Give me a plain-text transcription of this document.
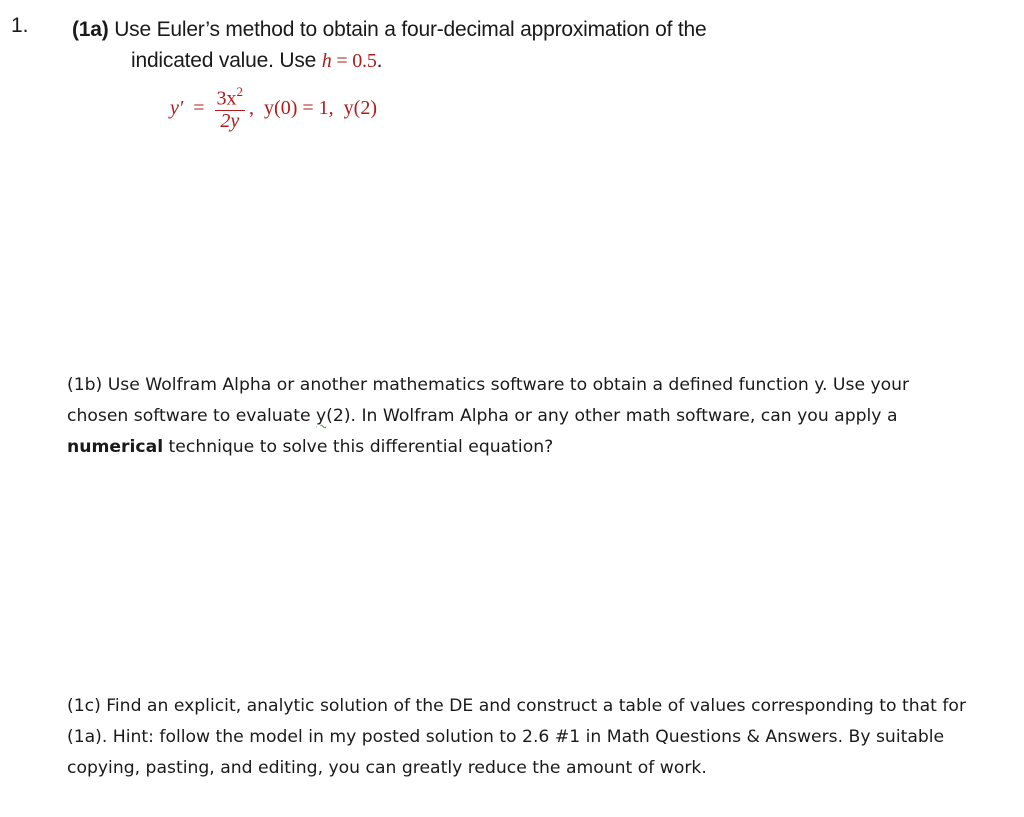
1. (1a) Use Euler’s method to obtain a four-decimal approximation of the
indicated value. Use h = 0.5.
$y' = \frac{3x^2}{2y}$ , y(0) = 1, y(2)
(1b) Use Wolfram Alpha or another mathematics software to obtain a defined function y. Use your chosen software to evaluate y(2). In Wolfram Alpha or any other math software, can you apply a numerical technique to solve this differential equation?
(1c) Find an explicit, analytic solution of the DE and construct a table of values corresponding to that for (1a). Hint: follow the model in my posted solution to 2.6 #1 in Math Questions & Answers. By suitable copying, pasting, and editing, you can greatly reduce the amount of work.
